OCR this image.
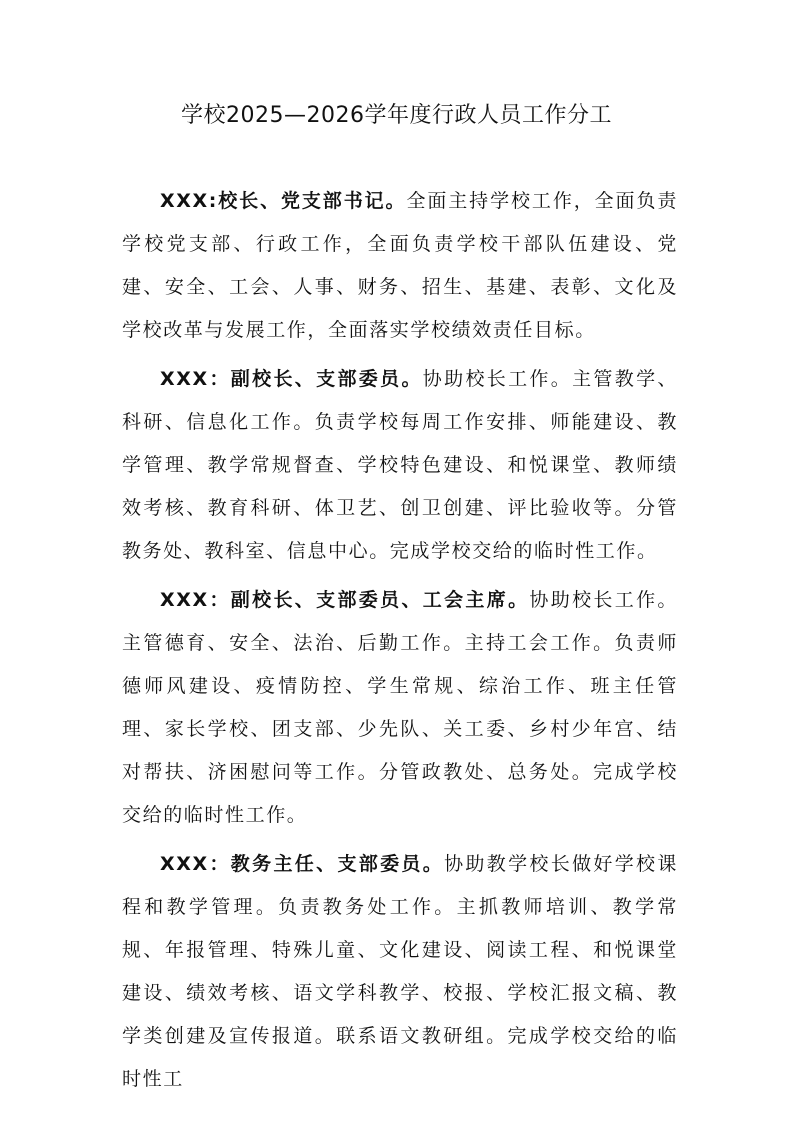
学校2025—2026学年度行政人员工作分工

XXX:校长、党支部书记。全面主持学校工作，全面负责学校党支部、行政工作，全面负责学校干部队伍建设、党建、安全、工会、人事、财务、招生、基建、表彰、文化及学校改革与发展工作，全面落实学校绩效责任目标。

XXX：副校长、支部委员。协助校长工作。主管教学、科研、信息化工作。负责学校每周工作安排、师能建设、教学管理、教学常规督查、学校特色建设、和悦课堂、教师绩效考核、教育科研、体卫艺、创卫创建、评比验收等。分管教务处、教科室、信息中心。完成学校交给的临时性工作。

XXX：副校长、支部委员、工会主席。协助校长工作。主管德育、安全、法治、后勤工作。主持工会工作。负责师德师风建设、疫情防控、学生常规、综治工作、班主任管理、家长学校、团支部、少先队、关工委、乡村少年宫、结对帮扶、济困慰问等工作。分管政教处、总务处。完成学校交给的临时性工作。

XXX：教务主任、支部委员。协助教学校长做好学校课程和教学管理。负责教务处工作。主抓教师培训、教学常规、年报管理、特殊儿童、文化建设、阅读工程、和悦课堂建设、绩效考核、语文学科教学、校报、学校汇报文稿、教学类创建及宣传报道。联系语文教研组。完成学校交给的临时性工
